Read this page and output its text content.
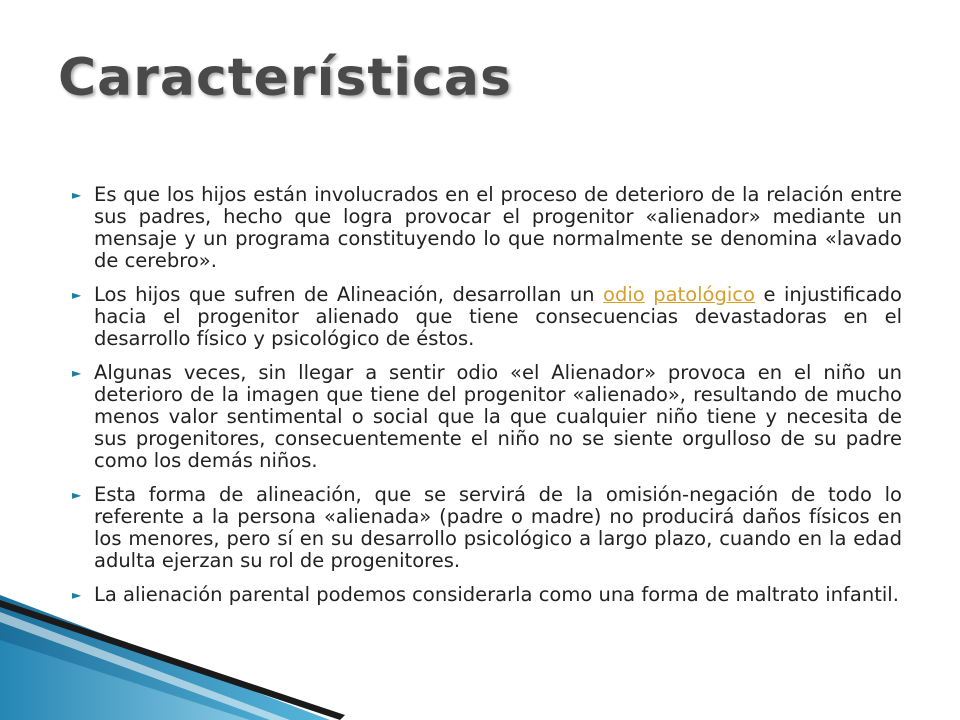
Características
► Es que los hijos están involucrados en el proceso de deterioro de la relación entre sus padres, hecho que logra provocar el progenitor «alienador» mediante un mensaje y un programa constituyendo lo que normalmente se denomina «lavado de cerebro».
► Los hijos que sufren de Alineación, desarrollan un odio patológico e injustificado hacia el progenitor alienado que tiene consecuencias devastadoras en el desarrollo físico y psicológico de éstos.
► Algunas veces, sin llegar a sentir odio «el Alienador» provoca en el niño un deterioro de la imagen que tiene del progenitor «alienado», resultando de mucho menos valor sentimental o social que la que cualquier niño tiene y necesita de sus progenitores, consecuentemente el niño no se siente orgulloso de su padre como los demás niños.
► Esta forma de alineación, que se servirá de la omisión-negación de todo lo referente a la persona «alienada» (padre o madre) no producirá daños físicos en los menores, pero sí en su desarrollo psicológico a largo plazo, cuando en la edad adulta ejerzan su rol de progenitores.
► La alienación parental podemos considerarla como una forma de maltrato infantil.
